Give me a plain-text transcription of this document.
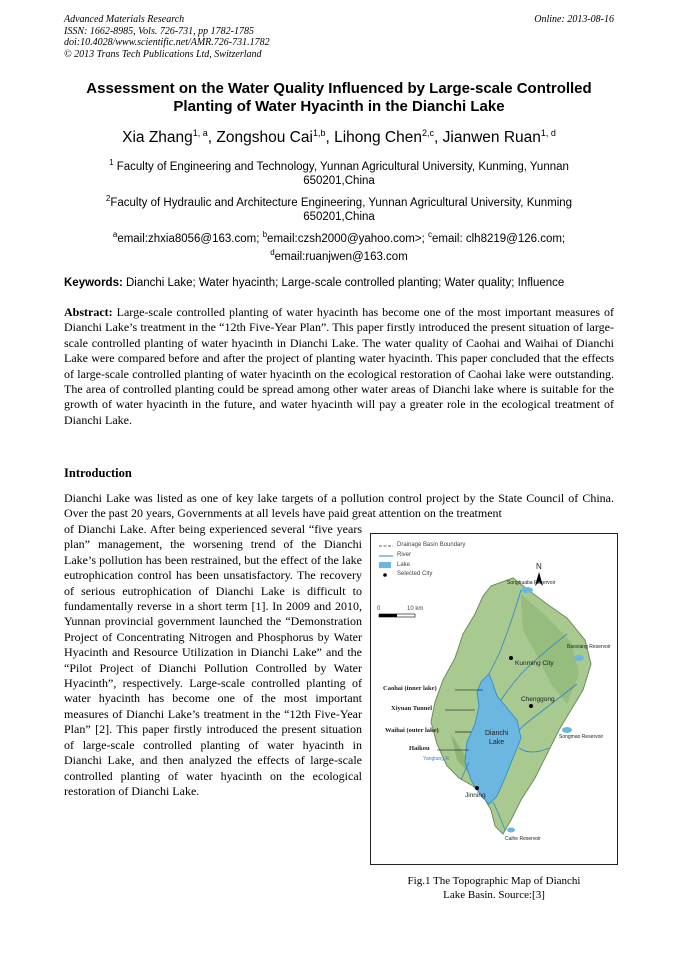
Advanced Materials Research
ISSN: 1662-8985, Vols. 726-731, pp 1782-1785
doi:10.4028/www.scientific.net/AMR.726-731.1782
© 2013 Trans Tech Publications Ltd, Switzerland
Online: 2013-08-16
Assessment on the Water Quality Influenced by Large-scale Controlled
Planting of Water Hyacinth in the Dianchi Lake
Xia Zhang$^{1, a}$, Zongshou Cai$^{1,b}$, Lihong Chen$^{2,c}$, Jianwen Ruan$^{1, d}$
$^1$ Faculty of Engineering and Technology, Yunnan Agricultural University, Kunming, Yunnan
650201,China
$^2$Faculty of Hydraulic and Architecture Engineering, Yunnan Agricultural University, Kunming
650201,China
$^a$email:zhxia8056@163.com; $^b$email:czsh2000@yahoo.com>; $^c$email: clh8219@126.com;
$^d$email:ruanjwen@163.com
Keywords: Dianchi Lake; Water hyacinth; Large-scale controlled planting; Water quality; Influence
Abstract: Large-scale controlled planting of water hyacinth has become one of the most important measures of Dianchi Lake’s treatment in the “12th Five-Year Plan”. This paper firstly introduced the present situation of large-scale controlled planting of water hyacinth in Dianchi Lake. The water quality of Caohai and Waihai of Dianchi Lake were compared before and after the project of planting water hyacinth. This paper concluded that the effects of large-scale controlled planting of water hyacinth on the ecological restoration of Caohai lake were outstanding. The area of controlled planting could be spread among other water areas of Dianchi lake where is suitable for the growth of water hyacinth in the future, and water hyacinth will pay a greater role in the ecological treatment of Dianchi Lake.
Introduction
Dianchi Lake was listed as one of key lake targets of a pollution control project by the State Council of China. Over the past 20 years, Governments at all levels have paid great attention on the treatment
of Dianchi Lake. After being experienced several “five years plan” management, the worsening trend of the Dianchi Lake’s pollution has been restrained, but the effect of the lake eutrophication control has been unsatisfactory. The recovery of serious eutrophication of Dianchi Lake is difficult to fundamentally reverse in a short term [1]. In 2009 and 2010, Yunnan provincial government launched the “Demonstration Project of Concentrating Nitrogen and Phosphorus by Water Hyacinth and Resource Utilization in Dianchi Lake” and the “Pilot Project of Dianchi Pollution Controlled by Water Hyacinth”, respectively. Large-scale controlled planting of water hyacinth has become one of the most important measures of Dianchi Lake’s treatment in the “12th Five-Year Plan” [2]. This paper firstly introduced the present situation of large-scale controlled planting of water hyacinth in Dianchi Lake, and then analyzed the effects of large-scale controlled planting of water hyacinth on the ecological restoration of Dianchi Lake.
Drainage Basin Boundary
River
Lake
Selected City
N
0	10 km
Caohai (inner lake)
Xiyuan Tunnel
Waihai (outer lake)
Haikou
Dianchi
Lake
Kunming City
Chenggong
Jinning
Songhuaba Reservoir
Baoxiang Reservoir
Songmao Reservoir
Yangtang R.
Caihe Reservoir
Fig.1 The Topographic Map of Dianchi
Lake Basin. Source:[3]
